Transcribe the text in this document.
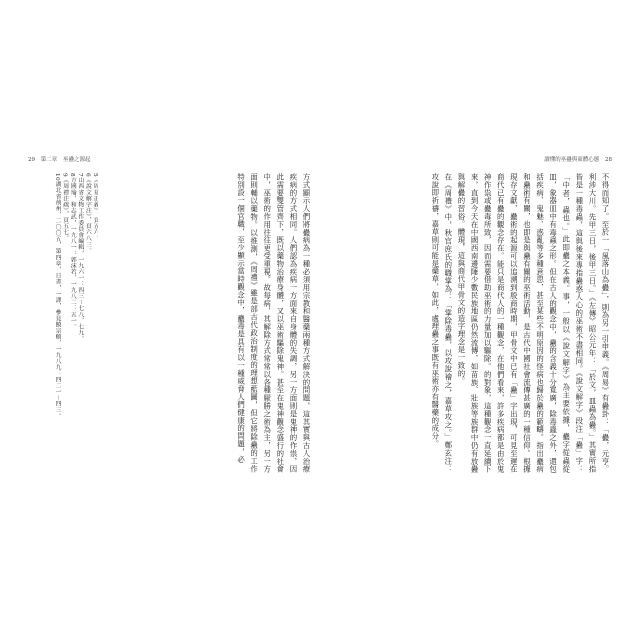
29 第二章 巫蠱之源起	讀懂的巫蠱與東體心態 28

5《周易正義》，頁五六。

6《說文解字注》，頁六八三。

7山西省文物工作委員會編輯，一九六一：四三－七八，七九。

8方國瑜，和志武，一九八一：郭沫若，一九八二：五一。

9《周禮注疏》，頁五七。

10湖北省荊州，二〇〇五，第四章，日書，一譯，參見饒宗頤，一九八九：四二一－四三。	方式顯示人們將蠱病為一種必須用宗教和醫藥兩種方式解決的問題，這其實與古人治療疾病的方式相同。人們認為疾病一方面來自身體的失調，另一方面則是鬼神的作祟，因此需要雙管齊下，既以藥物治療身體，又以巫術驅除鬼神。甚至在鬼神觀念盛行的社會中，巫術的作用往往更受重視。故每病，其解除方式常常以各種厭勝之術為主，另一方面則輔以藥物。以推測，《周禮》雖是部古代政治制度的理想藍圖，但它將除蠱的工作特別設一個官職，至少顯示當時觀念中，蠱毒是具有以一種威脅人們健康的問題，必	不得而知了。至於一「風落山為蠱」，則為另一引申義。《周易》有蠱卦：「蠱，元亨。利涉大川。先甲三日，後甲三日。」《左傳》昭公元年：「於文，皿蟲為蠱。」其實所指皆是一種毒蟲，這與後來專指蠱惑人心的巫術不盡相同。《說文解字》段注「蠱」字：「中者，蟲也。」此即蠱之本義。事，一般以《說文解字》為主要依據，蠱字從蟲從皿，象器皿中有毒蟲之形。但在古人的觀念中，蠱的含義十分寬廣，除毒蟲之外，還包括疾病、鬼魅、惑亂等多種意思，甚至某些不明原因的怪病也歸於蠱的範疇。指出蠱病和蠱術有關，也即是與蠱有關的巫術活動，是古代中國社會流傳甚廣的一種信仰。根據現存文獻，蠱術的起源可以追溯到殷商時期，甲骨文中已有「蠱」字出現，可見至遲在商代已有蠱的觀念存在。能只是商代人的一種觀念，在他們看來，許多疾病都是由於鬼神作祟或蠱毒所致，因而需要借助巫術的力量加以驅除。的對象，這種觀念一直延續下來，直到今天在中國西南邊陲少數民族地區仍然流傳，如苗族、壯族等族群中仍有放蠱與解蠱的習俗。體現，這與商代甲骨文的造字理念是一致的。

在《周禮》中，秋官庶氏的職掌為：「掌除毒蠱，以攻說禬之，嘉草攻之。」鄭玄注：攻說即祈禱，嘉草則可能是藥草，如此，處理蠱之事既有巫術亦有醫藥的成分。
